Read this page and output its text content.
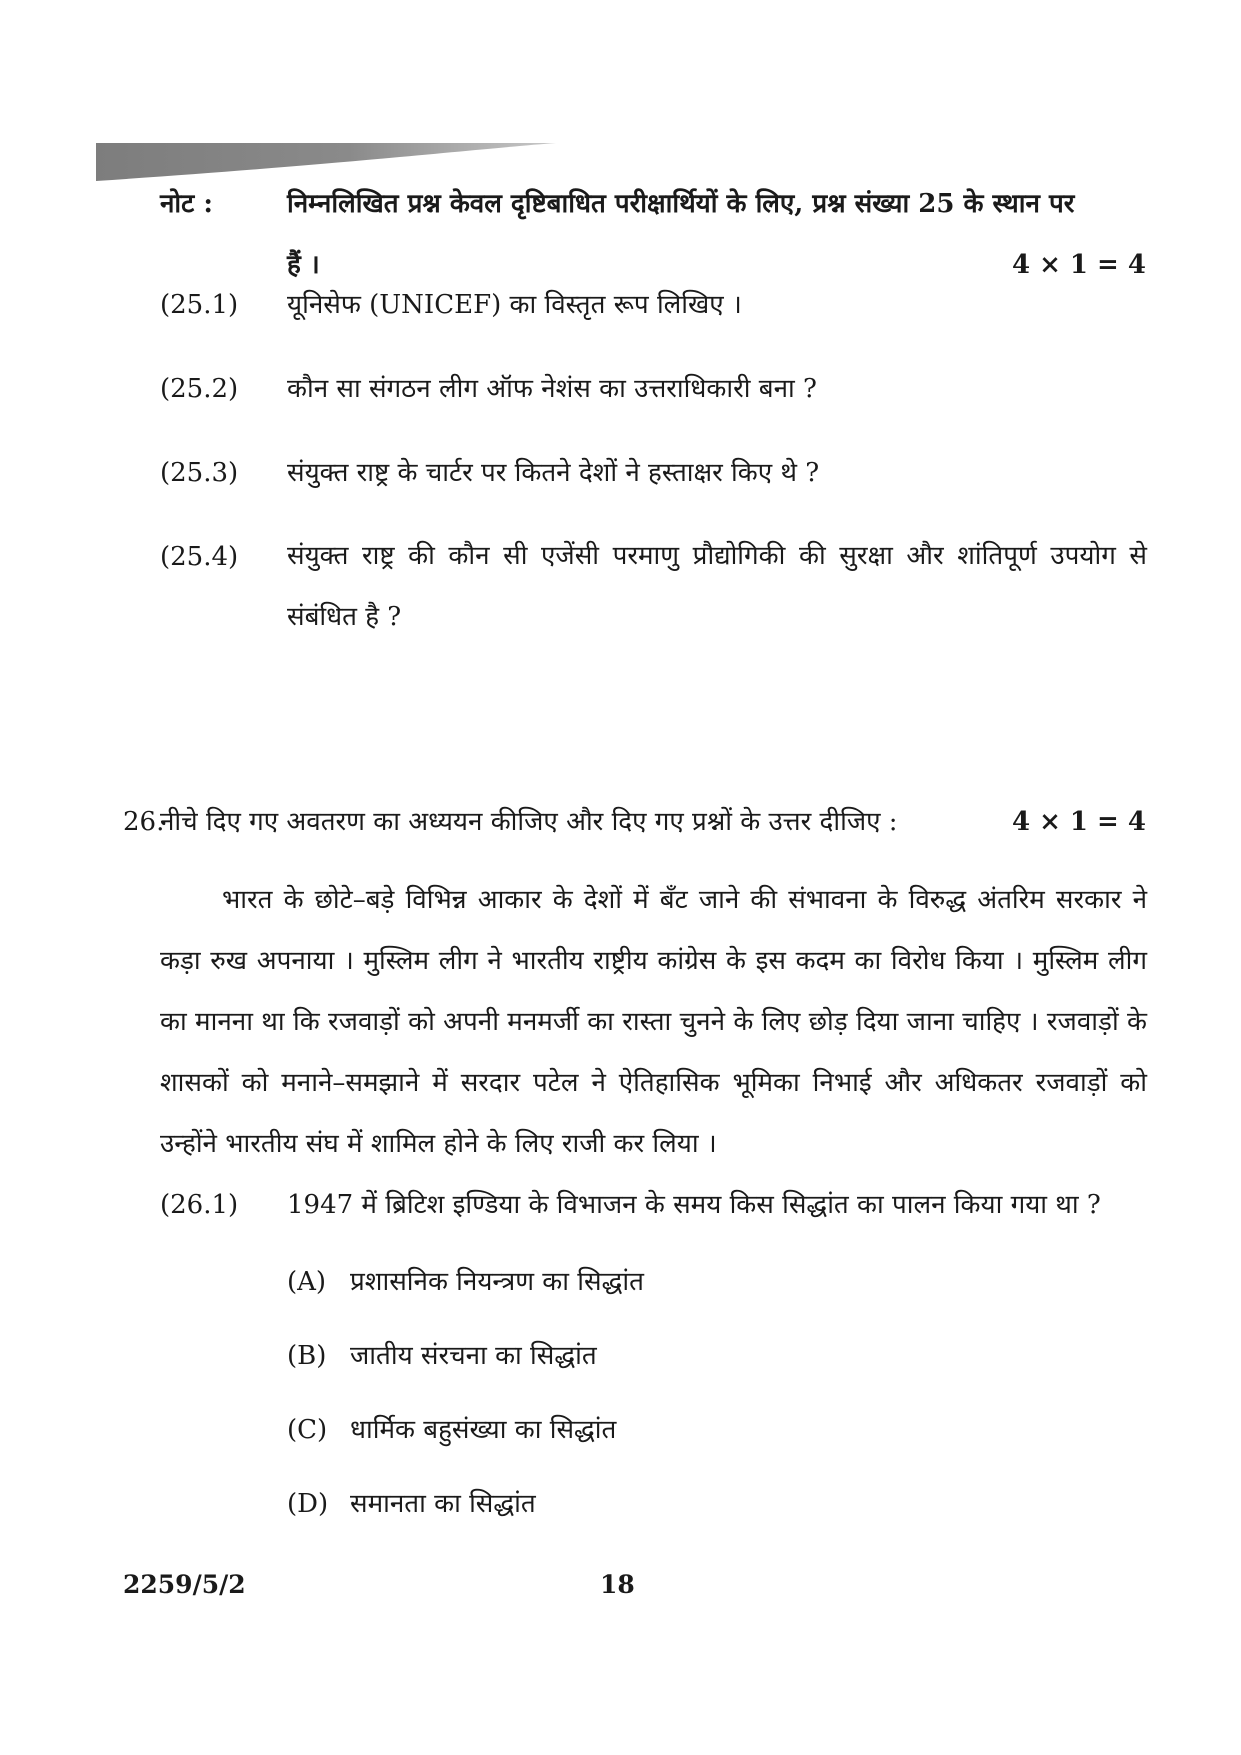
नोट :	निम्नलिखित प्रश्न केवल दृष्टिबाधित परीक्षार्थियों के लिए, प्रश्न संख्या 25 के स्थान पर
हैं ।	4 × 1 = 4
(25.1) यूनिसेफ (UNICEF) का विस्तृत रूप लिखिए ।
(25.2) कौन सा संगठन लीग ऑफ नेशंस का उत्तराधिकारी बना ?
(25.3) संयुक्त राष्ट्र के चार्टर पर कितने देशों ने हस्ताक्षर किए थे ?
(25.4) संयुक्त राष्ट्र की कौन सी एजेंसी परमाणु प्रौद्योगिकी की सुरक्षा और शांतिपूर्ण उपयोग से संबंधित है ?
26.
नीचे दिए गए अवतरण का अध्ययन कीजिए और दिए गए प्रश्नों के उत्तर दीजिए :	4 × 1 = 4
भारत के छोटे–बड़े विभिन्न आकार के देशों में बँट जाने की संभावना के विरुद्ध अंतरिम सरकार ने कड़ा रुख अपनाया । मुस्लिम लीग ने भारतीय राष्ट्रीय कांग्रेस के इस कदम का विरोध किया । मुस्लिम लीग का मानना था कि रजवाड़ों को अपनी मनमर्जी का रास्ता चुनने के लिए छोड़ दिया जाना चाहिए । रजवाड़ों के शासकों को मनाने–समझाने में सरदार पटेल ने ऐतिहासिक भूमिका निभाई और अधिकतर रजवाड़ों को उन्होंने भारतीय संघ में शामिल होने के लिए राजी कर लिया ।
(26.1) 1947 में ब्रिटिश इण्डिया के विभाजन के समय किस सिद्धांत का पालन किया गया था ?
(A) प्रशासनिक नियन्त्रण का सिद्धांत
(B) जातीय संरचना का सिद्धांत
(C) धार्मिक बहुसंख्या का सिद्धांत
(D) समानता का सिद्धांत
2259/5/2	18
